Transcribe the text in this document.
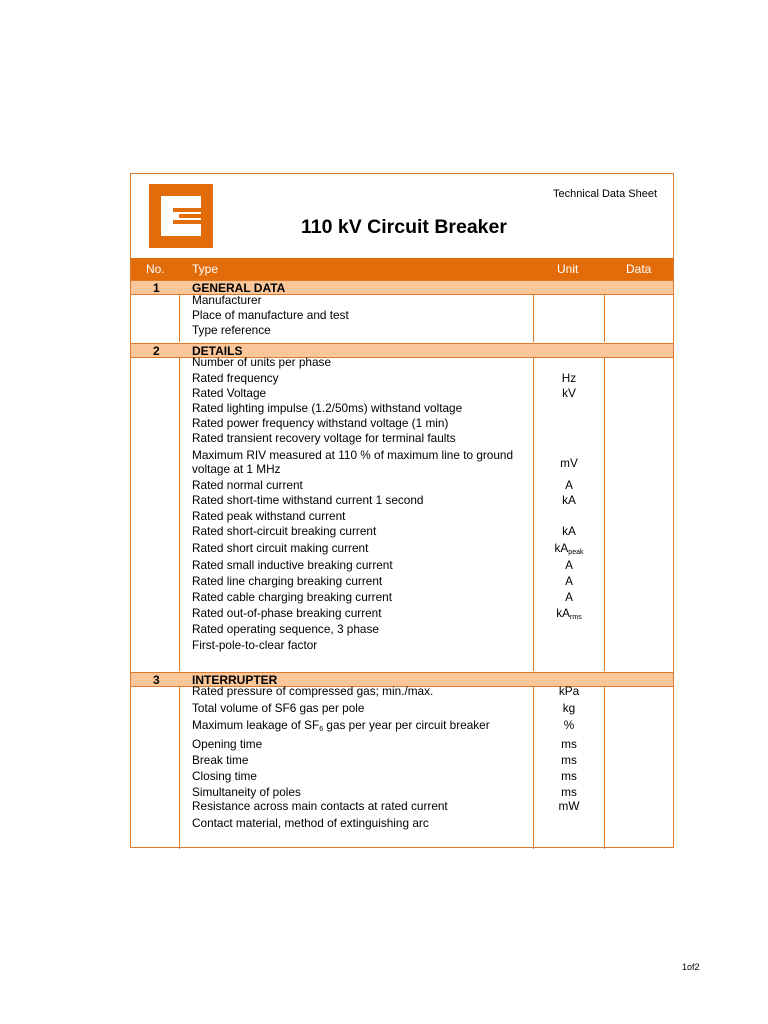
Technical Data Sheet
110 kV Circuit Breaker
No. Type	Unit	Data
1	GENERAL DATA
Manufacturer
Place of manufacture and test
Type reference
2	DETAILS
Number of units per phase
Rated frequency	Hz
Rated Voltage	kV
Rated lighting impulse (1.2/50ms) withstand voltage
Rated power frequency withstand voltage (1 min)
Rated transient recovery voltage for terminal faults
Maximum RIV measured at 110 % of maximum line to ground
voltage at 1 MHz	mV
Rated normal current	A
Rated short-time withstand current 1 second	kA
Rated peak withstand current
Rated short-circuit breaking current	kA
Rated short circuit making current	$kA_{peak}$
Rated small inductive breaking current	A
Rated line charging breaking current	A
Rated cable charging breaking current	A
Rated out-of-phase breaking current	$kA_{rms}$
Rated operating sequence, 3 phase
First-pole-to-clear factor
3	INTERRUPTER
Rated pressure of compressed gas; min./max.	kPa
Total volume of SF6 gas per pole	kg
Maximum leakage of $SF_6$ gas per year per circuit breaker	%
Opening time	ms
Break time	ms
Closing time	ms
Simultaneity of poles	ms
Resistance across main contacts at rated current	mW
Contact material, method of extinguishing arc
1of2
